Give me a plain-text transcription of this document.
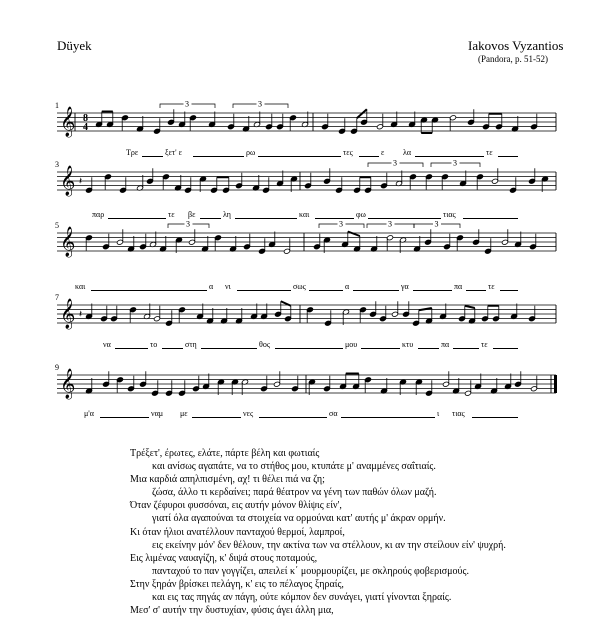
Düyek	Iakovos Vyzantios
(Pandora, p. 51-52)
𝄞
1
8
4
3	3
𝄞
3
𝄽
3	3
𝄞
5	3	3	3	3
𝄞
7
𝄽
𝄞
9
Τρε	ξετ' ε	ρω	τες	ε λα	τε
παρ	τε βε	λη	και	φω	τιας
και	α νι	σως	α	γα	πα	τε
να	το	στη	θος	μου	κτυ	πα	τε
μ'α	ναμ με	νες	σα	ι τιας
Τρέξετ', έρωτες, ελάτε, πάρτε βέλη και φωτιαίς
και ανίσως αγαπάτε, να το στήθος μου, κτυπάτε μ' αναμμένες σαΐτιαίς.
Μια καρδιά απηλπισμένη, αχ! τι θέλει πιά να ζη;
ζώσα, άλλο τι κερδαίνει; παρά θέατρον να γένη των παθών όλων μαζή.
Όταν ζέφυροι φυσσόναι, εις αυτήν μόνον θλίψις είν',
γιατί όλα αγαπούναι τα στοιχεία να ορμούναι κατ' αυτής μ' άκραν ορμήν.
Κι όταν ήλιοι ανατέλλουν πανταχού θερμοί, λαμπροί,
εις εκείνην μόν' δεν θέλουν, την ακτίνα των να στέλλουν, κι αν την στείλουν είν' ψυχρή.
Εις λιμένας ναυαγίζη, κ' διψά στους ποταμούς,
πανταχού το παν γογγίζει, απειλεί κ΄ μουρμουρίζει, με σκληρούς φοβερισμούς.
Στην ξηράν βρίσκει πελάγη, κ' εις το πέλαγος ξηραίς,
και εις τας πηγάς αν πάγη, ούτε κόμπον δεν συνάγει, γιατί γίνονται ξηραίς.
Μεσ' σ' αυτήν την δυστυχίαν, φύσις άγει άλλη μια,
